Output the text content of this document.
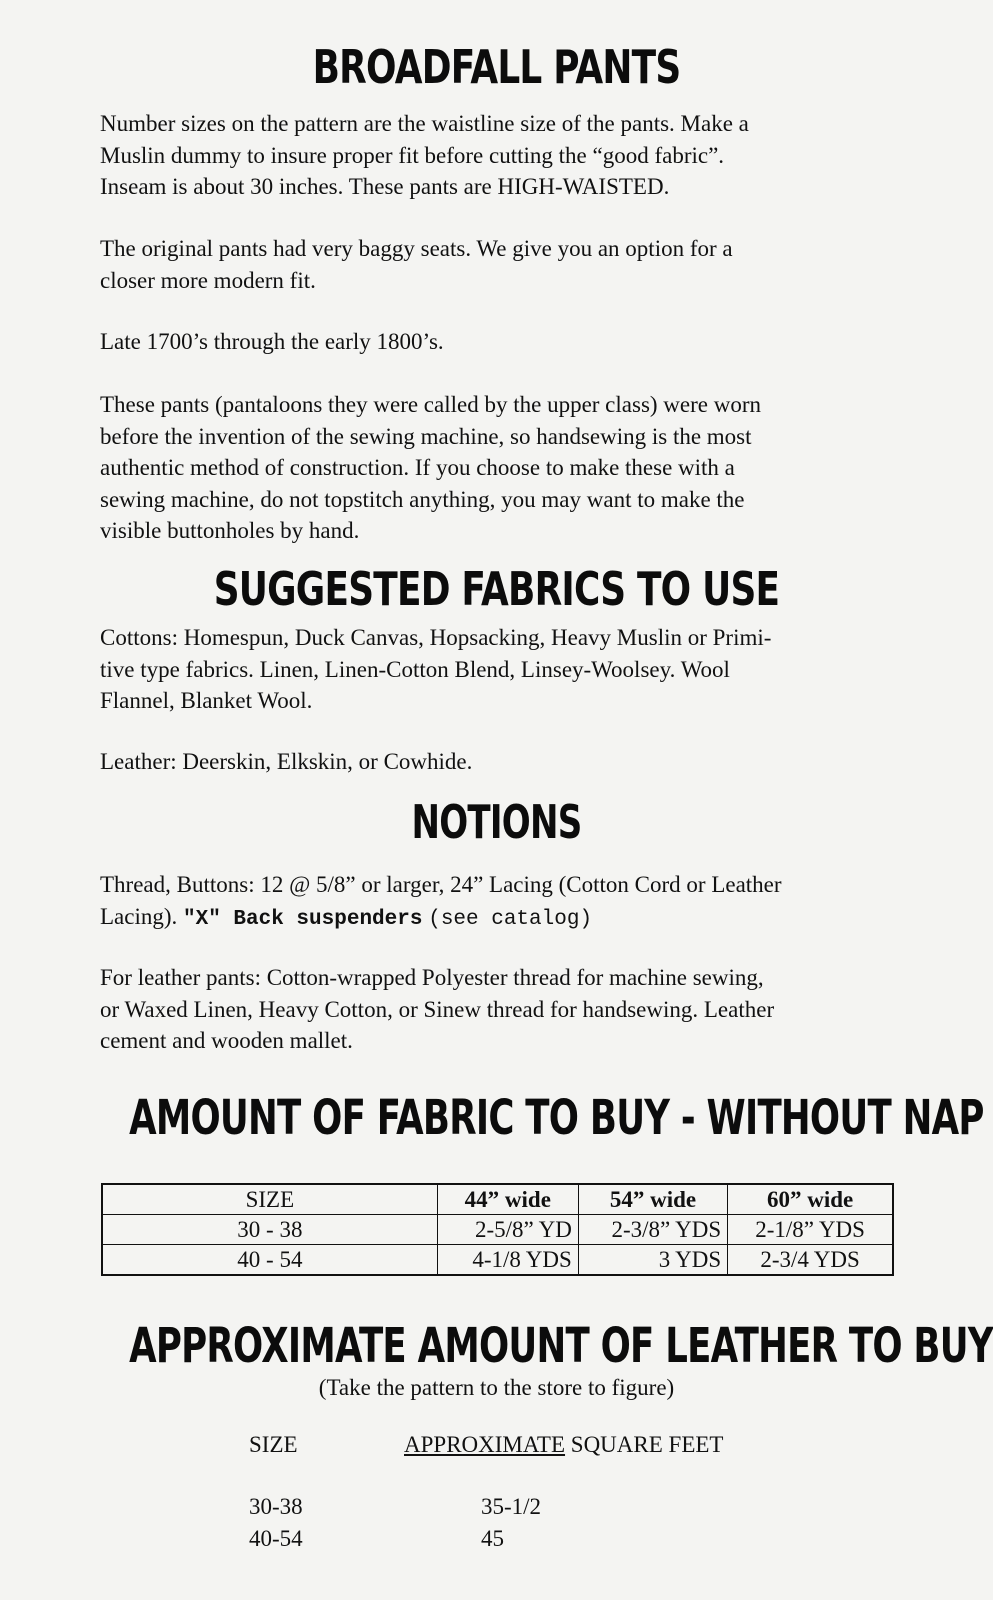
BROADFALL PANTS

Number sizes on the pattern are the waistline size of the pants. Make a
Muslin dummy to insure proper fit before cutting the “good fabric”.
Inseam is about 30 inches. These pants are HIGH-WAISTED.

The original pants had very baggy seats. We give you an option for a
closer more modern fit.

Late 1700’s through the early 1800’s.

These pants (pantaloons they were called by the upper class) were worn
before the invention of the sewing machine, so handsewing is the most
authentic method of construction. If you choose to make these with a
sewing machine, do not topstitch anything, you may want to make the
visible buttonholes by hand.

SUGGESTED FABRICS TO USE

Cottons: Homespun, Duck Canvas, Hopsacking, Heavy Muslin or Primi-
tive type fabrics. Linen, Linen-Cotton Blend, Linsey-Woolsey. Wool
Flannel, Blanket Wool.

Leather: Deerskin, Elkskin, or Cowhide.

NOTIONS

Thread, Buttons: 12 @ 5/8” or larger, 24” Lacing (Cotton Cord or Leather
Lacing). "X" Back suspenders (see catalog)

For leather pants: Cotton-wrapped Polyester thread for machine sewing,
or Waxed Linen, Heavy Cotton, or Sinew thread for handsewing. Leather
cement and wooden mallet.

AMOUNT OF FABRIC TO BUY - WITHOUT NAP
SIZE	44” wide	54” wide	60” wide
30 - 38	2-5/8” YD	2-3/8” YDS	2-1/8” YDS
40 - 54	4-1/8 YDS	3 YDS	2-3/4 YDS
APPROXIMATE AMOUNT OF LEATHER TO BUY
(Take the pattern to the store to figure)
SIZE	APPROXIMATE SQUARE FEET
30-38	35-1/2
40-54	45
